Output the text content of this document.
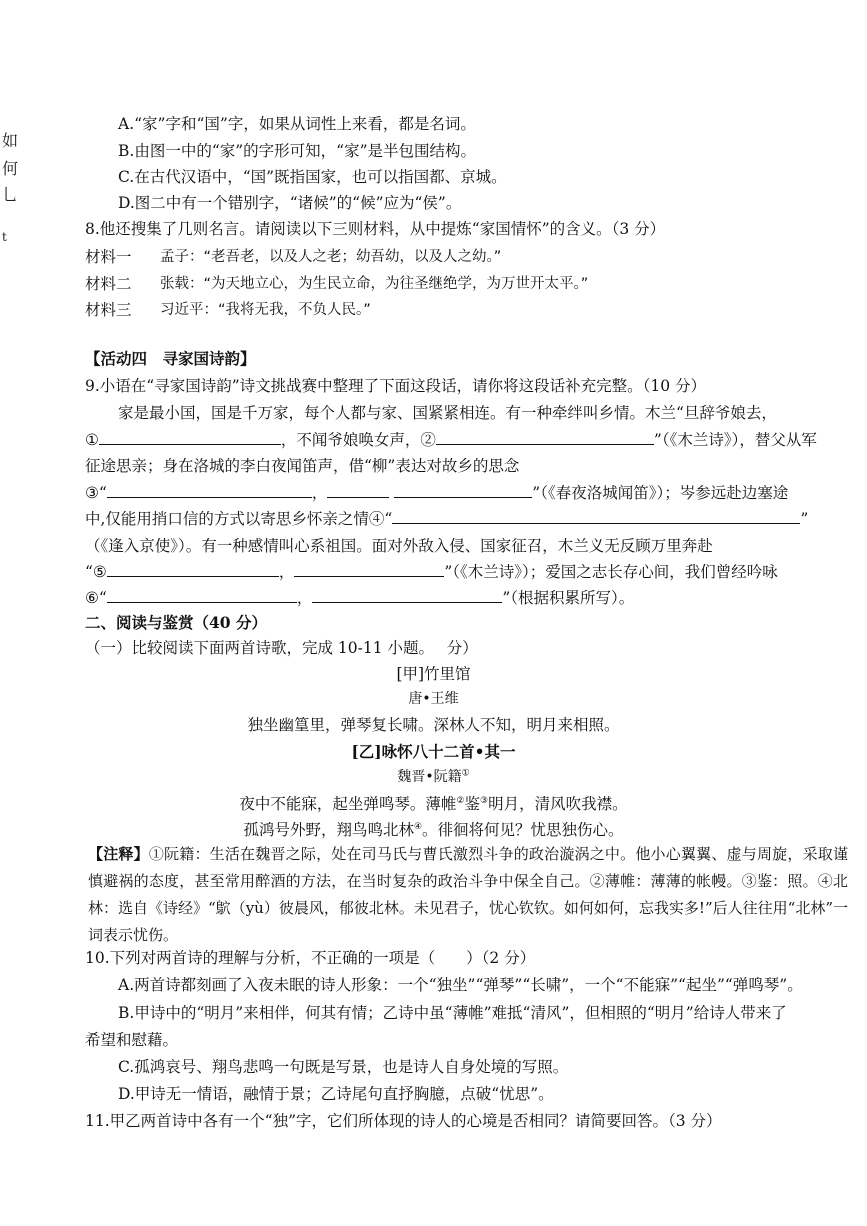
如
何
乚
t
A.“家”字和“国”字，如果从词性上来看，都是名词。
B.由图一中的“家”的字形可知，“家”是半包围结构。
C.在古代汉语中，“国”既指国家，也可以指国都、京城。
D.图二中有一个错别字，“诸候”的“候”应为“侯”。
8.他还搜集了几则名言。请阅读以下三则材料，从中提炼“家国情怀”的含义。（3 分）
材料一 孟子：“老吾老，以及人之老；幼吾幼，以及人之幼。”
材料二 张载：“为天地立心，为生民立命，为往圣继绝学，为万世开太平。”
材料三 习近平：“我将无我，不负人民。”
【活动四　寻家国诗韵】
9.小语在“寻家国诗韵”诗文挑战赛中整理了下面这段话，请你将这段话补充完整。（10 分）
家是最小国，国是千万家，每个人都与家、国紧紧相连。有一种牵绊叫乡情。木兰“旦辞爷娘去，
①	，不闻爷娘唤女声，②	”（《木兰诗》），替父从军
征途思亲；身在洛城的李白夜闻笛声，借“柳”表达对故乡的思念
③“	，	”（《春夜洛城闻笛》）；岑参远赴边塞途
中,仅能用捎口信的方式以寄思乡怀亲之情④“	”
（《逢入京使》）。有一种感情叫心系祖国。面对外敌入侵、国家征召，木兰义无反顾万里奔赴
“⑤	，	”（《木兰诗》）；爱国之志长存心间，我们曾经吟咏
⑥“	，	”（根据积累所写）。
二、阅读与鉴赏（40 分）
（一）比较阅读下面两首诗歌，完成 10-11 小题。　 分）
[甲]竹里馆
唐•王维
独坐幽篁里，弹琴复长啸。深林人不知，明月来相照。
[乙]咏怀八十二首•其一
魏晋•阮籍①
夜中不能寐，起坐弹鸣琴。薄帷②鉴③明月，清风吹我襟。
孤鸿号外野，翔鸟鸣北林④。徘徊将何见？忧思独伤心。
【注释】①阮籍：生活在魏晋之际，处在司马氏与曹氏激烈斗争的政治漩涡之中。他小心翼翼、虚与周旋，采取谨慎避祸的态度，甚至常用醉酒的方法，在当时复杂的政治斗争中保全自己。②薄帷：薄薄的帐幔。③鉴：照。④北林：选自《诗经》“鴥（yù）彼晨风，郁彼北林。未见君子，忧心钦钦。如何如何，忘我实多!”后人往往用“北林”一词表示忧伤。
10.下列对两首诗的理解与分析，不正确的一项是（　　）（2 分）
A.两首诗都刻画了入夜未眠的诗人形象：一个“独坐”“弹琴”“长啸”，一个“不能寐”“起坐”“弹鸣琴”。
B.甲诗中的“明月”来相伴，何其有情；乙诗中虽“薄帷”难抵“清风”，但相照的“明月”给诗人带来了
希望和慰藉。
C.孤鸿哀号、翔鸟悲鸣一句既是写景，也是诗人自身处境的写照。
D.甲诗无一情语，融情于景；乙诗尾句直抒胸臆，点破“忧思”。
11.甲乙两首诗中各有一个“独”字，它们所体现的诗人的心境是否相同？请简要回答。（3 分）
